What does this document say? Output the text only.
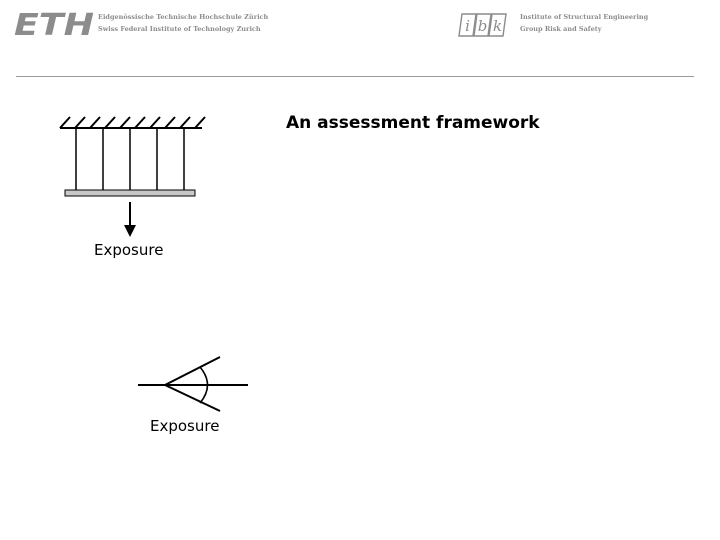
ETH Eidgenössische Technische Hochschule Zürich
Swiss Federal Institute of Technology Zurich	i b k	Institute of Structural Engineering
Group Risk and Safety
An assessment framework
Exposure
Exposure
